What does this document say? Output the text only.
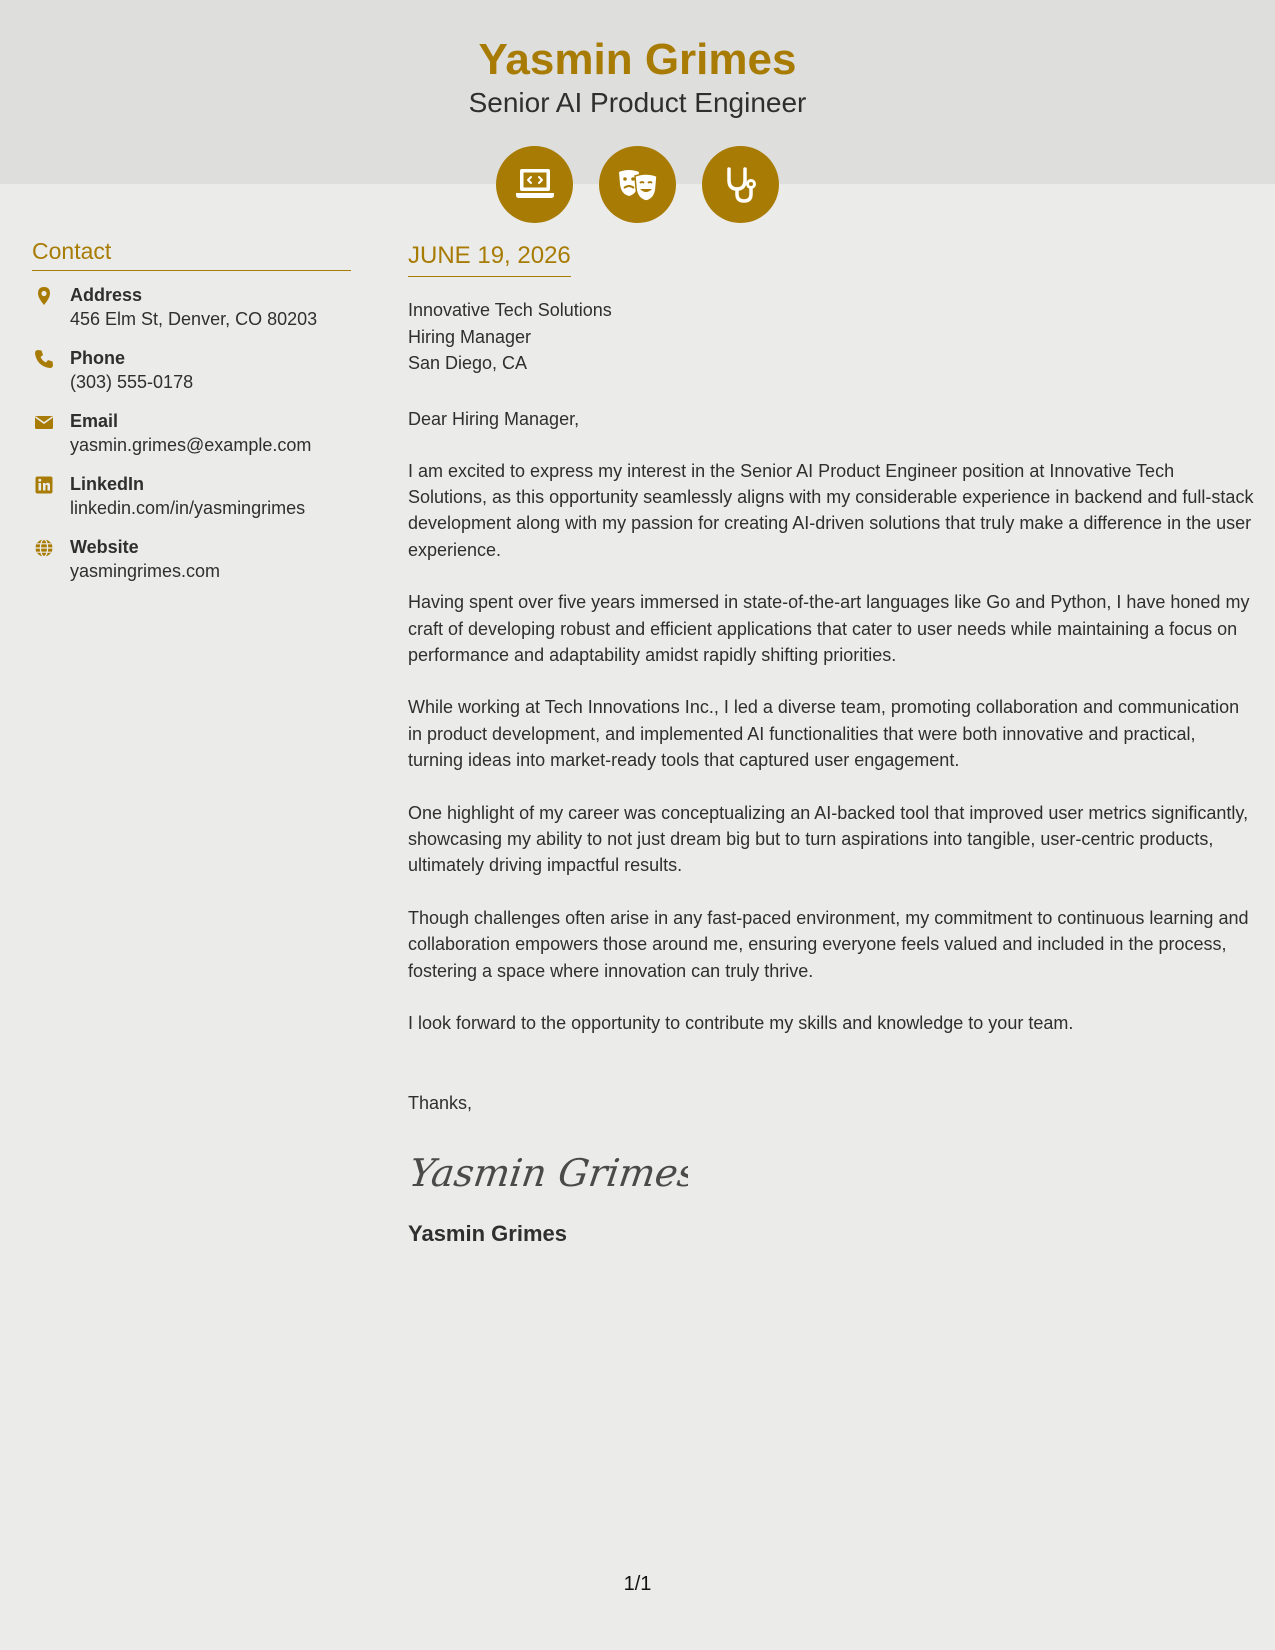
Yasmin Grimes
Senior AI Product Engineer
Contact
Address
456 Elm St, Denver, CO 80203
Phone
(303) 555-0178
Email
yasmin.grimes@example.com
LinkedIn
linkedin.com/in/yasmingrimes
Website
yasmingrimes.com
JUNE 19, 2026
Innovative Tech Solutions
Hiring Manager
San Diego, CA
Dear Hiring Manager,
I am excited to express my interest in the Senior AI Product Engineer position at Innovative Tech Solutions, as this opportunity seamlessly aligns with my considerable experience in backend and full-stack development along with my passion for creating AI-driven solutions that truly make a difference in the user experience.
Having spent over five years immersed in state-of-the-art languages like Go and Python, I have honed my craft of developing robust and efficient applications that cater to user needs while maintaining a focus on performance and adaptability amidst rapidly shifting priorities.
While working at Tech Innovations Inc., I led a diverse team, promoting collaboration and communication in product development, and implemented AI functionalities that were both innovative and practical, turning ideas into market-ready tools that captured user engagement.
One highlight of my career was conceptualizing an AI-backed tool that improved user metrics significantly, showcasing my ability to not just dream big but to turn aspirations into tangible, user-centric products, ultimately driving impactful results.
Though challenges often arise in any fast-paced environment, my commitment to continuous learning and collaboration empowers those around me, ensuring everyone feels valued and included in the process, fostering a space where innovation can truly thrive.
I look forward to the opportunity to contribute my skills and knowledge to your team.
Thanks,
Yasmin Grimes
Yasmin Grimes
1/1
